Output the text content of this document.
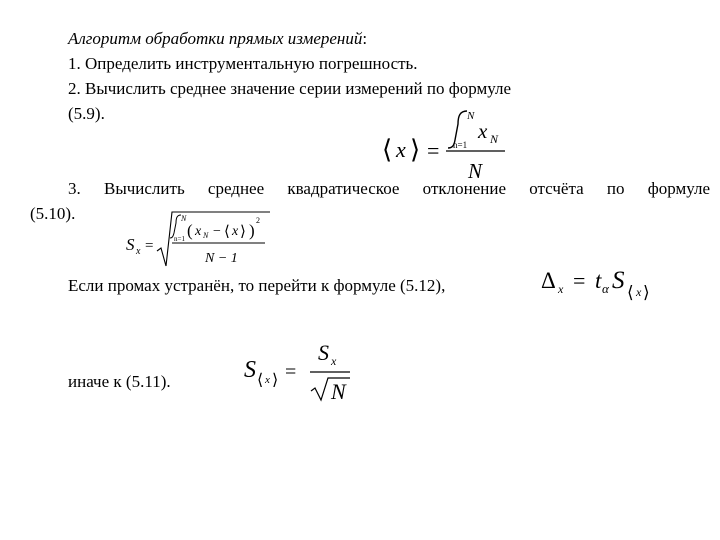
Алгоритм обработки прямых измерений:
1. Определить инструментальную погрешность.
2. Вычислить среднее значение серии измерений по формуле
(5.9).
⟨ x ⟩ =
N
n=1
x N
N
3. Вычислить среднее квадратическое отклонение отсчёта по формуле
(5.10).
S x =
N
n=1 ( x N − ⟨ x ⟩ )
2
N − 1
Если промах устранён, то перейти к формуле (5.12),	Δ x = t α S ⟨ x ⟩
иначе к (5.11).	S ⟨ x ⟩ =
S x
N
